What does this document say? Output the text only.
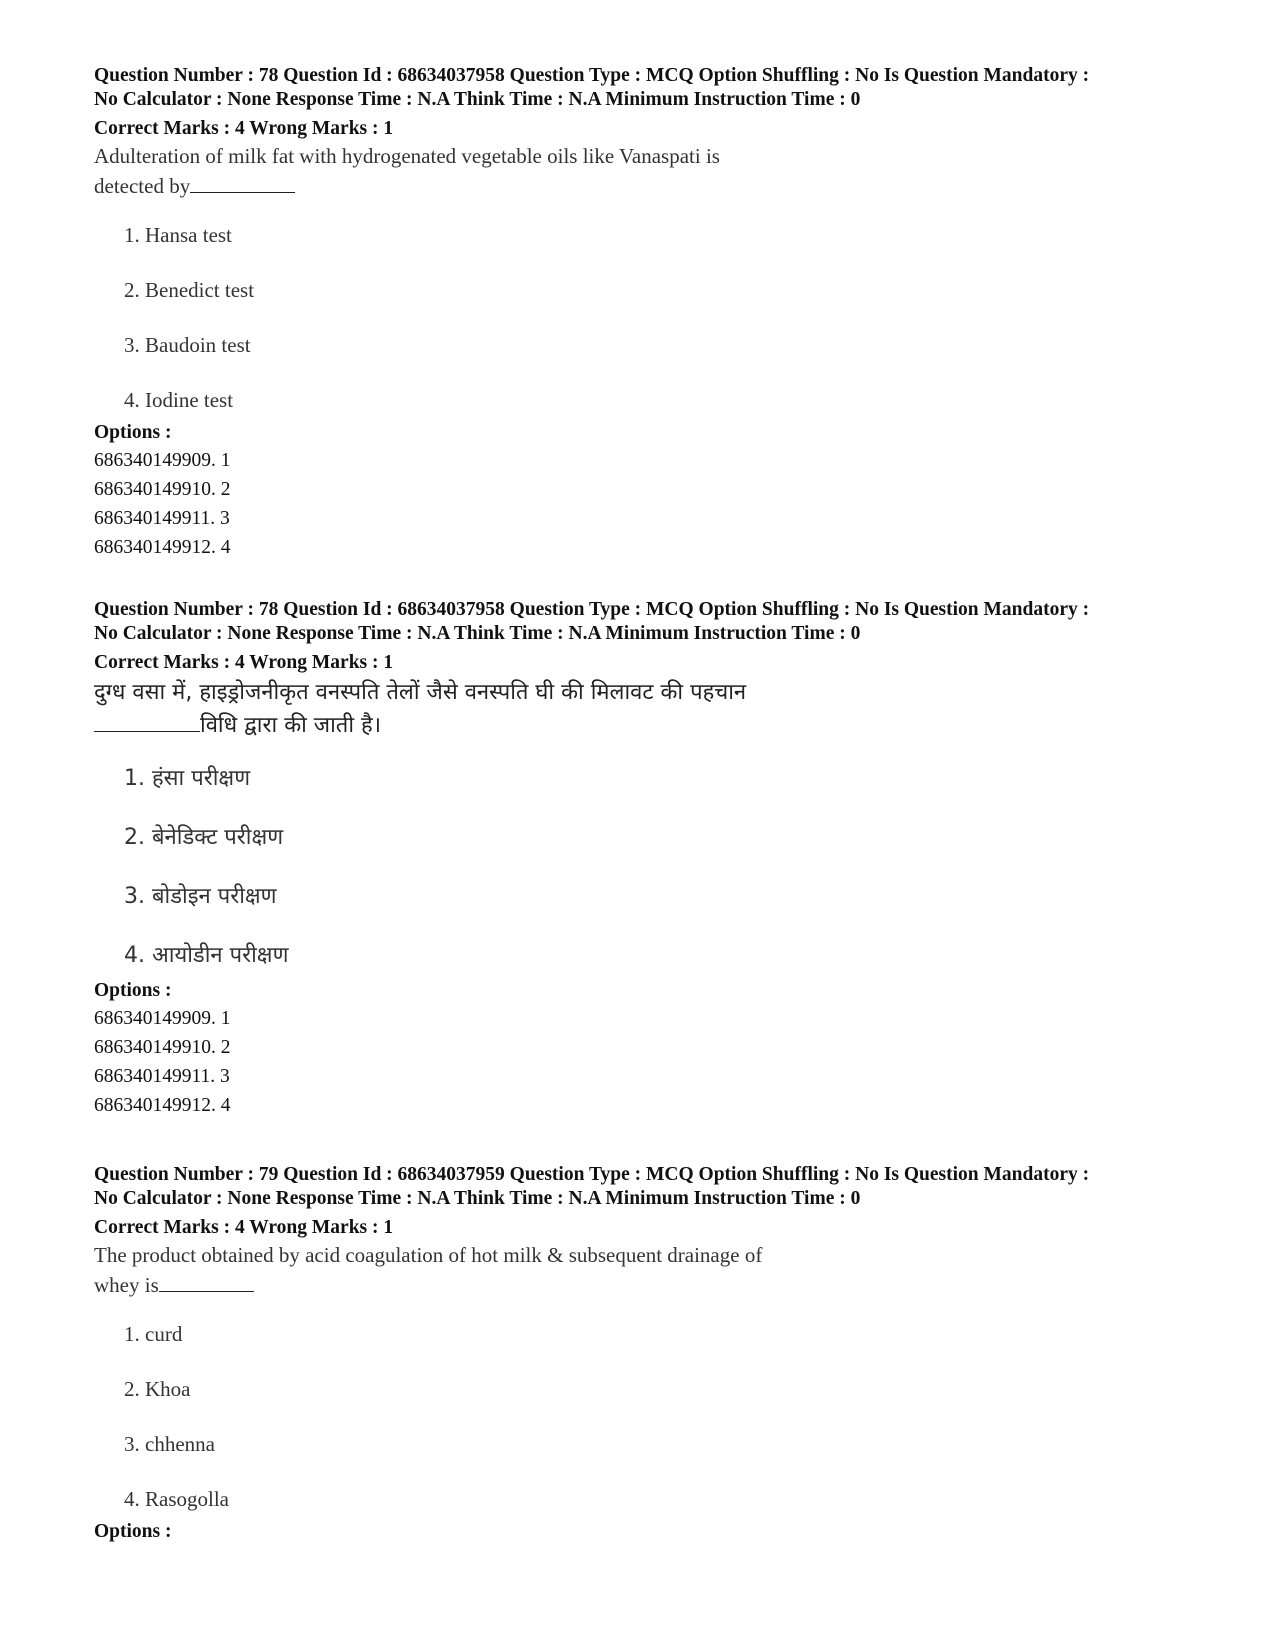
Question Number : 78 Question Id : 68634037958 Question Type : MCQ Option Shuffling : No Is Question Mandatory :
No Calculator : None Response Time : N.A Think Time : N.A Minimum Instruction Time : 0
Correct Marks : 4 Wrong Marks : 1
Adulteration of milk fat with hydrogenated vegetable oils like Vanaspati is
detected by
1. Hansa test
2. Benedict test
3. Baudoin test
4. Iodine test
Options :
686340149909. 1
686340149910. 2
686340149911. 3
686340149912. 4
Question Number : 78 Question Id : 68634037958 Question Type : MCQ Option Shuffling : No Is Question Mandatory :
No Calculator : None Response Time : N.A Think Time : N.A Minimum Instruction Time : 0
Correct Marks : 4 Wrong Marks : 1
दुग्ध वसा में, हाइड्रोजनीकृत वनस्पति तेलों जैसे वनस्पति घी की मिलावट की पहचान
विधि द्वारा की जाती है।
1. हंसा परीक्षण
2. बेनेडिक्ट परीक्षण
3. बोडोइन परीक्षण
4. आयोडीन परीक्षण
Options :
686340149909. 1
686340149910. 2
686340149911. 3
686340149912. 4
Question Number : 79 Question Id : 68634037959 Question Type : MCQ Option Shuffling : No Is Question Mandatory :
No Calculator : None Response Time : N.A Think Time : N.A Minimum Instruction Time : 0
Correct Marks : 4 Wrong Marks : 1
The product obtained by acid coagulation of hot milk & subsequent drainage of
whey is
1. curd
2. Khoa
3. chhenna
4. Rasogolla
Options :
